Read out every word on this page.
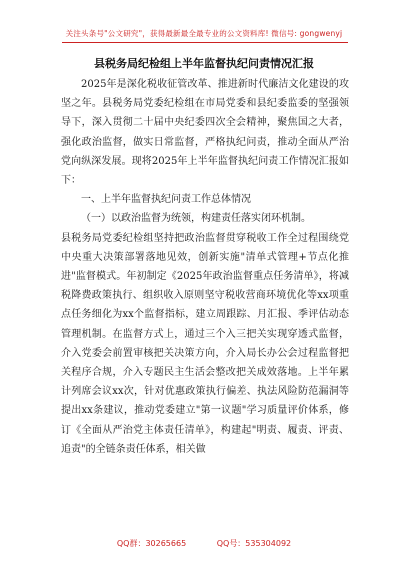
关注头条号"公文研究"，获得最新最全最专业的公文资料库! 微信号: gongwenyj
县税务局纪检组上半年监督执纪问责情况汇报

2025年是深化税收征管改革、推进新时代廉洁文化建设的攻坚之年。县税务局党委纪检组在市局党委和县纪委监委的坚强领导下，深入贯彻二十届中央纪委四次全会精神，聚焦国之大者，强化政治监督，做实日常监督，严格执纪问责，推动全面从严治党向纵深发展。现将2025年上半年监督执纪问责工作情况汇报如下：

一、上半年监督执纪问责工作总体情况

（一）以政治监督为统领，构建责任落实闭环机制。

县税务局党委纪检组坚持把政治监督贯穿税收工作全过程围绕党中央重大决策部署落地见效，创新实施"清单式管理+节点化推进"监督模式。年初制定《2025年政治监督重点任务清单》，将减税降费政策执行、组织收入原则坚守税收营商环境优化等xx项重点任务细化为xx个监督指标，建立周跟踪、月汇报、季评估动态管理机制。在监督方式上，通过三个入三把关实现穿透式监督，介入党委会前置审核把关决策方向，介入局长办公会过程监督把关程序合规，介入专题民主生活会整改把关成效落地。上半年累计列席会议xx次，针对优惠政策执行偏差、执法风险防范漏洞等提出xx条建议，推动党委建立"第一议题"学习质量评价体系，修订《全面从严治党主体责任清单》，构建起"明责、履责、评责、追责"的全链条责任体系，相关做

QQ群：30265665	QQ号：535304092
